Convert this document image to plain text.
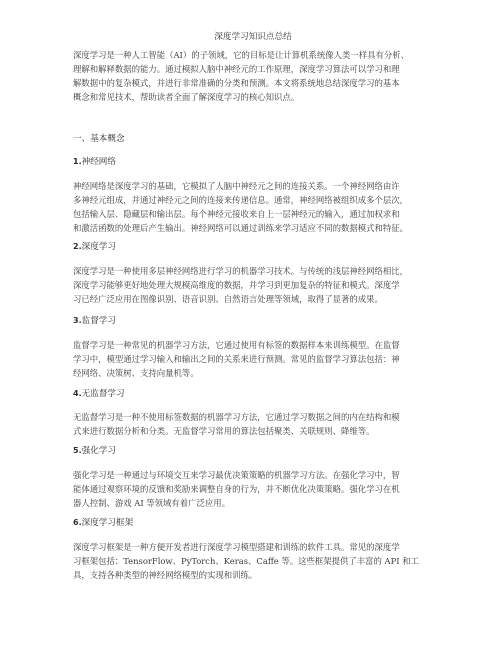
深度学习知识点总结

深度学习是一种人工智能（AI）的子领域，它的目标是让计算机系统像人类一样具有分析、
理解和解释数据的能力。通过模拟人脑中神经元的工作原理，深度学习算法可以学习和理
解数据中的复杂模式，并进行非常准确的分类和预测。本文将系统地总结深度学习的基本
概念和常见技术，帮助读者全面了解深度学习的核心知识点。

一、基本概念
1.神经网络

神经网络是深度学习的基础，它模拟了人脑中神经元之间的连接关系。一个神经网络由许
多神经元组成，并通过神经元之间的连接来传递信息。通常，神经网络被组织成多个层次，
包括输入层、隐藏层和输出层。每个神经元接收来自上一层神经元的输入，通过加权求和
和激活函数的处理后产生输出。神经网络可以通过训练来学习适应不同的数据模式和特征。

2.深度学习

深度学习是一种使用多层神经网络进行学习的机器学习技术。与传统的浅层神经网络相比，
深度学习能够更好地处理大规模高维度的数据，并学习到更加复杂的特征和模式。深度学
习已经广泛应用在图像识别、语音识别、自然语言处理等领域，取得了显著的成果。

3.监督学习

监督学习是一种常见的机器学习方法，它通过使用有标签的数据样本来训练模型。在监督
学习中，模型通过学习输入和输出之间的关系来进行预测。常见的监督学习算法包括：神
经网络、决策树、支持向量机等。

4.无监督学习

无监督学习是一种不使用标签数据的机器学习方法，它通过学习数据之间的内在结构和模
式来进行数据分析和分类。无监督学习常用的算法包括聚类、关联规则、降维等。

5.强化学习

强化学习是一种通过与环境交互来学习最优决策策略的机器学习方法。在强化学习中，智
能体通过观察环境的反馈和奖励来调整自身的行为，并不断优化决策策略。强化学习在机
器人控制、游戏 AI 等领域有着广泛应用。

6.深度学习框架

深度学习框架是一种方便开发者进行深度学习模型搭建和训练的软件工具。常见的深度学
习框架包括：TensorFlow、PyTorch、Keras、Caffe 等。这些框架提供了丰富的 API 和工
具，支持各种类型的神经网络模型的实现和训练。
